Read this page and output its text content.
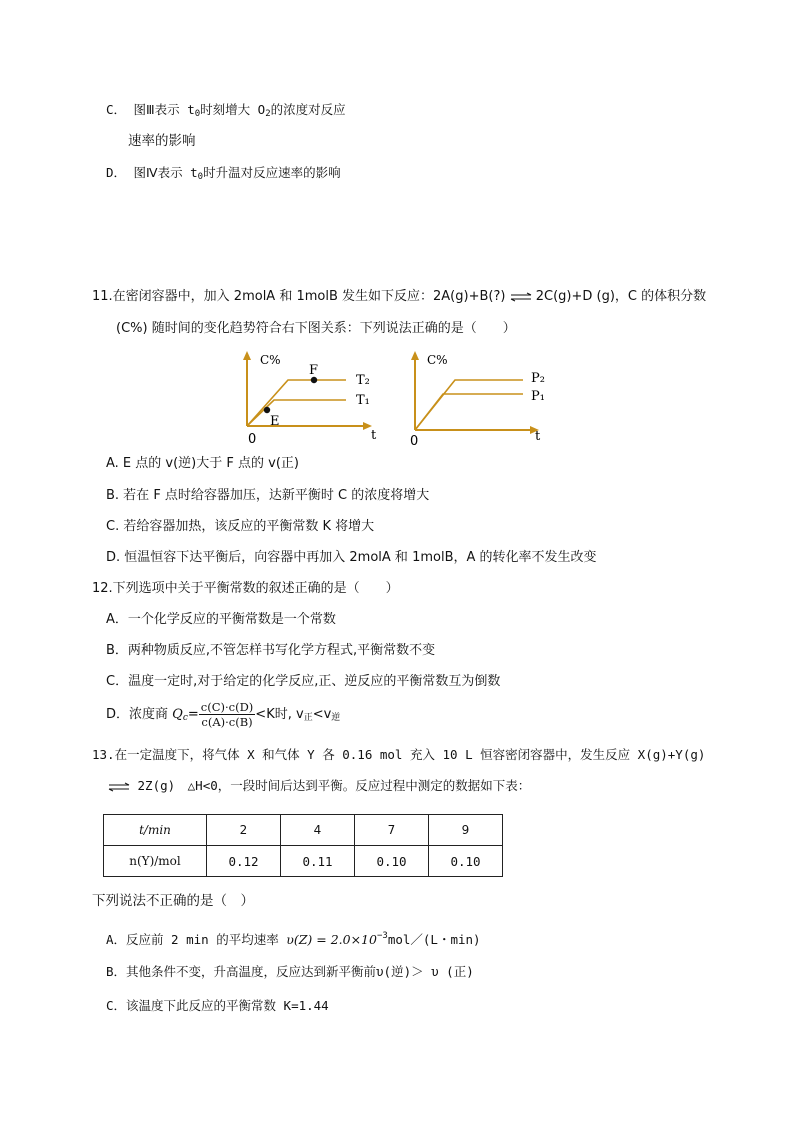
C． 图Ⅲ表示 $t_0$时刻增大 $O_2$的浓度对反应
速率的影响
D． 图Ⅳ表示 $t_0$时升温对反应速率的影响
11.在密闭容器中，加入 2molA 和 1molB 发生如下反应：2A(g)+B(?) ⇌ 2C(g)+D (g)，C 的体积分数
(C%) 随时间的变化趋势符合右下图关系：下列说法正确的是（　　）
C%
0	t
T₂
T₁
F
E
C%
0	t
P₂
P₁
A. E 点的 v(逆)大于 F 点的 v(正)
B. 若在 F 点时给容器加压，达新平衡时 C 的浓度将增大
C. 若给容器加热，该反应的平衡常数 K 将增大
D. 恒温恒容下达平衡后，向容器中再加入 2molA 和 1molB，A 的转化率不发生改变
12.下列选项中关于平衡常数的叙述正确的是（　　）
A．一个化学反应的平衡常数是一个常数
B．两种物质反应,不管怎样书写化学方程式,平衡常数不变
C．温度一定时,对于给定的化学反应,正、逆反应的平衡常数互为倒数
D．浓度商 $Q_c= \frac{c(C)\cdot c(D)}{c(A)\cdot c(B)} <K$时, $v_正<v_逆$
13.在一定温度下，将气体 X 和气体 Y 各 0.16 mol 充入 10 L 恒容密闭容器中，发生反应 X(g)+Y(g)
⇌ 2Z(g)　△H<0，一段时间后达到平衡。反应过程中测定的数据如下表：
t/min	2	4	7	9
n(Y)/mol	0.12	0.11	0.10	0.10
下列说法不正确的是（　）
A．反应前 2 min 的平均速率 $\upsilon(Z) = 2.0\times 10^{-3}mol/(L$・min)
B．其他条件不变，升高温度，反应达到新平衡前υ(逆)＞ υ (正)
C．该温度下此反应的平衡常数 K=1.44
